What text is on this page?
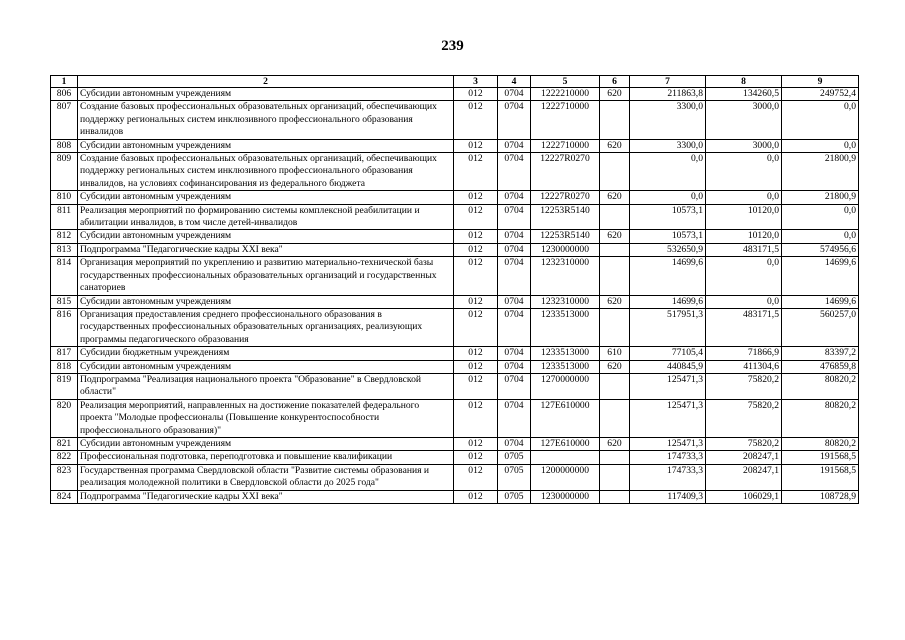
239
1	2	3	4	5	6	7	8	9
806	Субсидии автономным учреждениям	012	0704	1222210000	620	211863,8	134260,5	249752,4
807	Создание базовых профессиональных образовательных организаций, обеспечивающих поддержку региональных систем инклюзивного профессионального образования инвалидов	012	0704	1222710000		3300,0	3000,0	0,0
808	Субсидии автономным учреждениям	012	0704	1222710000	620	3300,0	3000,0	0,0
809	Создание базовых профессиональных образовательных организаций, обеспечивающих поддержку региональных систем инклюзивного профессионального образования инвалидов, на условиях софинансирования из федерального бюджета	012	0704	12227R0270		0,0	0,0	21800,9
810	Субсидии автономным учреждениям	012	0704	12227R0270	620	0,0	0,0	21800,9
811	Реализация мероприятий по формированию системы комплексной реабилитации и абилитации инвалидов, в том числе детей-инвалидов	012	0704	12253R5140		10573,1	10120,0	0,0
812	Субсидии автономным учреждениям	012	0704	12253R5140	620	10573,1	10120,0	0,0
813	Подпрограмма "Педагогические кадры XXI века"	012	0704	1230000000		532650,9	483171,5	574956,6
814	Организация мероприятий по укреплению и развитию материально-технической базы государственных профессиональных образовательных организаций и государственных санаториев	012	0704	1232310000		14699,6	0,0	14699,6
815	Субсидии автономным учреждениям	012	0704	1232310000	620	14699,6	0,0	14699,6
816	Организация предоставления среднего профессионального образования в государственных профессиональных образовательных организациях, реализующих программы педагогического образования	012	0704	1233513000		517951,3	483171,5	560257,0
817	Субсидии бюджетным учреждениям	012	0704	1233513000	610	77105,4	71866,9	83397,2
818	Субсидии автономным учреждениям	012	0704	1233513000	620	440845,9	411304,6	476859,8
819	Подпрограмма "Реализация национального проекта "Образование" в Свердловской области"	012	0704	1270000000		125471,3	75820,2	80820,2
820	Реализация мероприятий, направленных на достижение показателей федерального проекта "Молодые профессионалы (Повышение конкурентоспособности профессионального образования)"	012	0704	127E610000		125471,3	75820,2	80820,2
821	Субсидии автономным учреждениям	012	0704	127E610000	620	125471,3	75820,2	80820,2
822	Профессиональная подготовка, переподготовка и повышение квалификации	012	0705			174733,3	208247,1	191568,5
823	Государственная программа Свердловской области "Развитие системы образования и реализация молодежной политики в Свердловской области до 2025 года"	012	0705	1200000000		174733,3	208247,1	191568,5
824	Подпрограмма "Педагогические кадры XXI века"	012	0705	1230000000		117409,3	106029,1	108728,9
